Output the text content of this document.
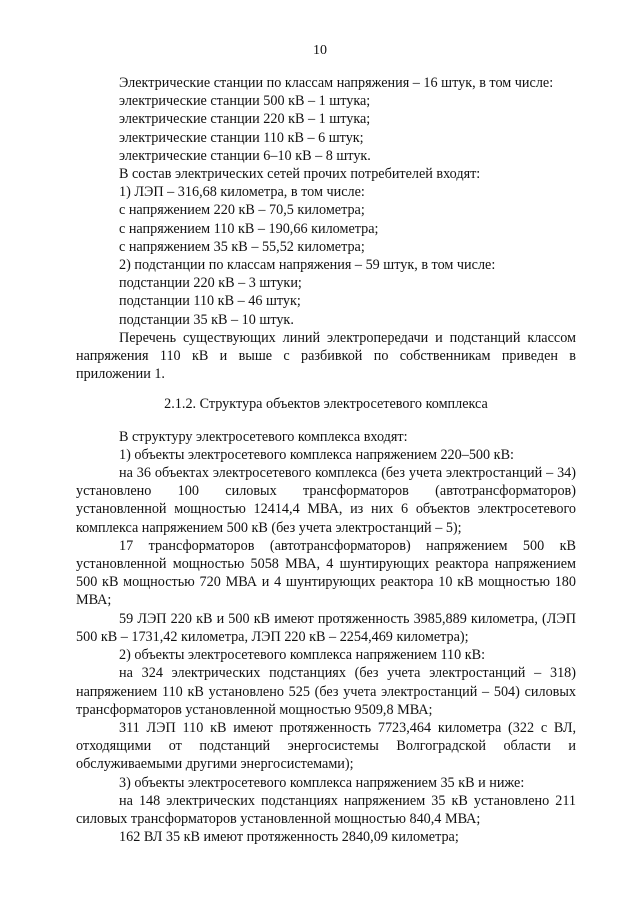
10

Электрические станции по классам напряжения – 16 штук, в том числе:

электрические станции 500 кВ – 1 штука;

электрические станции 220 кВ – 1 штука;

электрические станции 110 кВ – 6 штук;

электрические станции 6–10 кВ – 8 штук.

В состав электрических сетей прочих потребителей входят:

1) ЛЭП – 316,68 километра, в том числе:

с напряжением 220 кВ – 70,5 километра;

с напряжением 110 кВ – 190,66 километра;

с напряжением 35 кВ – 55,52 километра;

2) подстанции по классам напряжения – 59 штук, в том числе:

подстанции 220 кВ – 3 штуки;

подстанции 110 кВ – 46 штук;

подстанции 35 кВ – 10 штук.

Перечень существующих линий электропередачи и подстанций классом напряжения 110 кВ и выше с разбивкой по собственникам приведен в приложении 1.

2.1.2. Структура объектов электросетевого комплекса

В структуру электросетевого комплекса входят:

1) объекты электросетевого комплекса напряжением 220–500 кВ:

на 36 объектах электросетевого комплекса (без учета электростанций – 34) установлено 100 силовых трансформаторов (автотрансформаторов) установленной мощностью 12414,4 МВА, из них 6 объектов электросетевого комплекса напряжением 500 кВ (без учета электростанций – 5);

17 трансформаторов (автотрансформаторов) напряжением 500 кВ установленной мощностью 5058 МВА, 4 шунтирующих реактора напряжением 500 кВ мощностью 720 МВА и 4 шунтирующих реактора 10 кВ мощностью 180 МВА;

59 ЛЭП 220 кВ и 500 кВ имеют протяженность 3985,889 километра, (ЛЭП 500 кВ – 1731,42 километра, ЛЭП 220 кВ – 2254,469 километра);

2) объекты электросетевого комплекса напряжением 110 кВ:

на 324 электрических подстанциях (без учета электростанций – 318) напряжением 110 кВ установлено 525 (без учета электростанций – 504) силовых трансформаторов установленной мощностью 9509,8 МВА;

311 ЛЭП 110 кВ имеют протяженность 7723,464 километра (322 с ВЛ, отходящими от подстанций энергосистемы Волгоградской области и обслуживаемыми другими энергосистемами);

3) объекты электросетевого комплекса напряжением 35 кВ и ниже:

на 148 электрических подстанциях напряжением 35 кВ установлено 211 силовых трансформаторов установленной мощностью 840,4 МВА;

162 ВЛ 35 кВ имеют протяженность 2840,09 километра;
